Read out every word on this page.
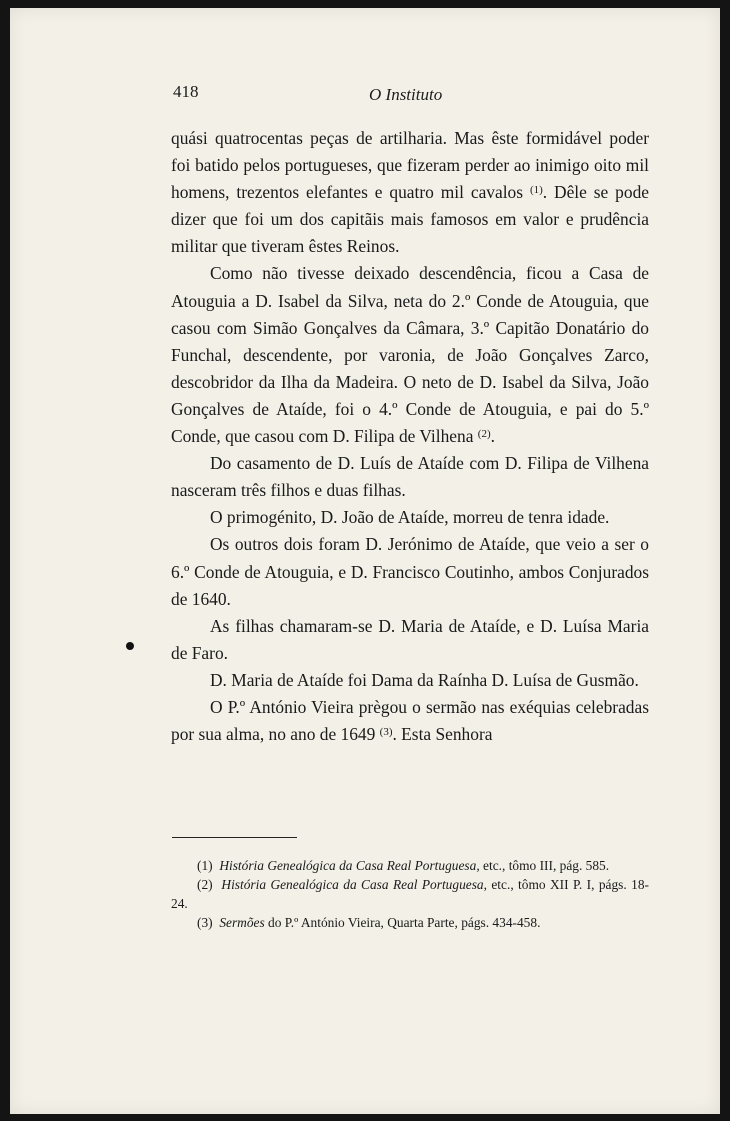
418	O Instituto

quási quatrocentas peças de artilharia. Mas êste formidável poder foi batido pelos portugueses, que fizeram perder ao inimigo oito mil homens, trezentos elefantes e quatro mil cavalos $^{(1)}$. Dêle se pode dizer que foi um dos capitãis mais famosos em valor e prudência militar que tiveram êstes Reinos.

Como não tivesse deixado descendência, ficou a Casa de Atouguia a D. Isabel da Silva, neta do 2.º Conde de Atouguia, que casou com Simão Gonçalves da Câmara, 3.º Capitão Donatário do Funchal, descendente, por varonia, de João Gonçalves Zarco, descobridor da Ilha da Madeira. O neto de D. Isabel da Silva, João Gonçalves de Ataíde, foi o 4.º Conde de Atouguia, e pai do 5.º Conde, que casou com D. Filipa de Vilhena $^{(2)}$.

Do casamento de D. Luís de Ataíde com D. Filipa de Vilhena nasceram três filhos e duas filhas.

O primogénito, D. João de Ataíde, morreu de tenra idade.

Os outros dois foram D. Jerónimo de Ataíde, que veio a ser o 6.º Conde de Atouguia, e D. Francisco Coutinho, ambos Conjurados de 1640.

As filhas chamaram-se D. Maria de Ataíde, e D. Luísa Maria de Faro.

D. Maria de Ataíde foi Dama da Raínha D. Luísa de Gusmão.

O P.º António Vieira prègou o sermão nas exéquias celebradas por sua alma, no ano de 1649 $^{(3)}$. Esta Senhora

(1) História Genealógica da Casa Real Portuguesa, etc., tômo III, pág. 585.

(2) História Genealógica da Casa Real Portuguesa, etc., tômo XII P. I, págs. 18-24.

(3) Sermões do P.º António Vieira, Quarta Parte, págs. 434-458.
